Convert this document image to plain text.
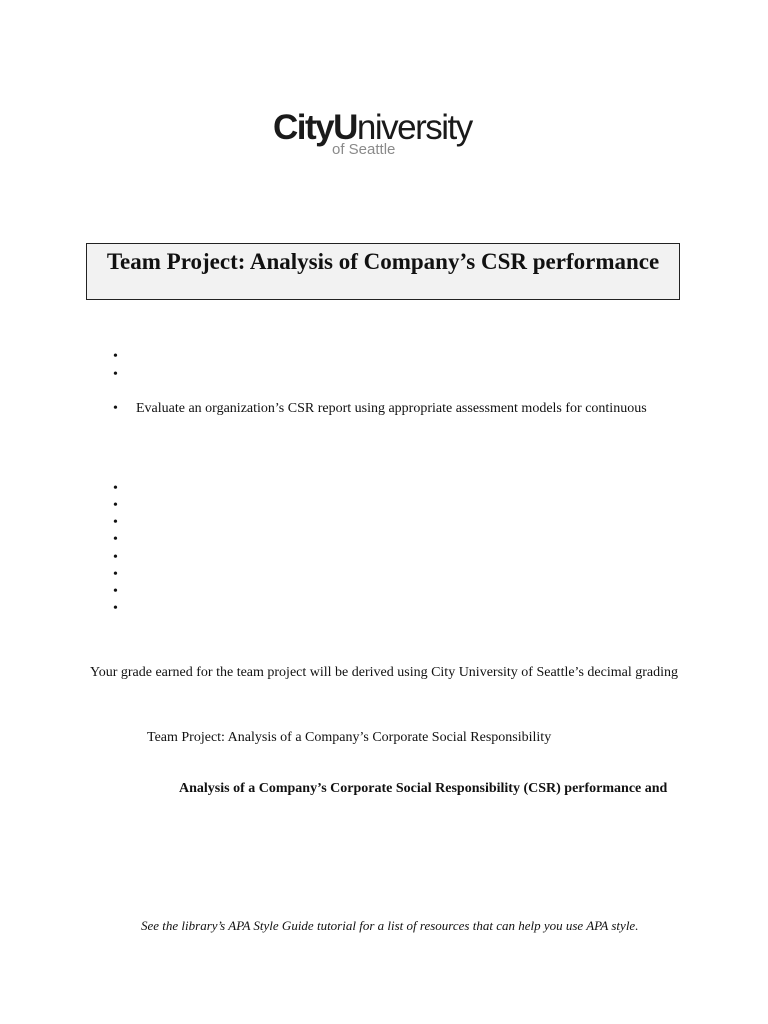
CityUniversity
of Seattle
Team Project: Analysis of Company’s CSR performance
•
•
• Evaluate an organization’s CSR report using appropriate assessment models for continuous
•
•
•
•
•
•
•
•
Your grade earned for the team project will be derived using City University of Seattle’s decimal grading
Team Project: Analysis of a Company’s Corporate Social Responsibility
Analysis of a Company’s Corporate Social Responsibility (CSR) performance and
See the library’s APA Style Guide tutorial for a list of resources that can help you use APA style.
